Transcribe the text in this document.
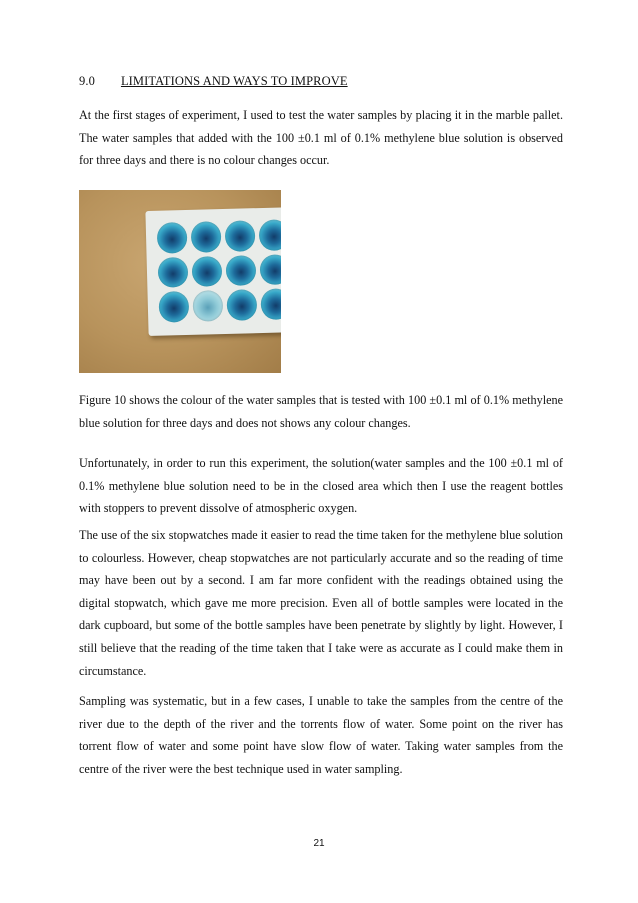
9.0 LIMITATIONS AND WAYS TO IMPROVE

At the first stages of experiment, I used to test the water samples by placing it in the marble pallet. The water samples that added with the 100 ±0.1 ml of 0.1% methylene blue solution is observed for three days and there is no colour changes occur.

Figure 10 shows the colour of the water samples that is tested with 100 ±0.1 ml of 0.1% methylene blue solution for three days and does not shows any colour changes.

Unfortunately, in order to run this experiment, the solution(water samples and the 100 ±0.1 ml of 0.1% methylene blue solution need to be in the closed area which then I use the reagent bottles with stoppers to prevent dissolve of atmospheric oxygen.

The use of the six stopwatches made it easier to read the time taken for the methylene blue solution to colourless. However, cheap stopwatches are not particularly accurate and so the reading of time may have been out by a second. I am far more confident with the readings obtained using the digital stopwatch, which gave me more precision. Even all of bottle samples were located in the dark cupboard, but some of the bottle samples have been penetrate by slightly by light. However, I still believe that the reading of the time taken that I take were as accurate as I could make them in circumstance.

Sampling was systematic, but in a few cases, I unable to take the samples from the centre of the river due to the depth of the river and the torrents flow of water. Some point on the river has torrent flow of water and some point have slow flow of water. Taking water samples from the centre of the river were the best technique used in water sampling.

21
